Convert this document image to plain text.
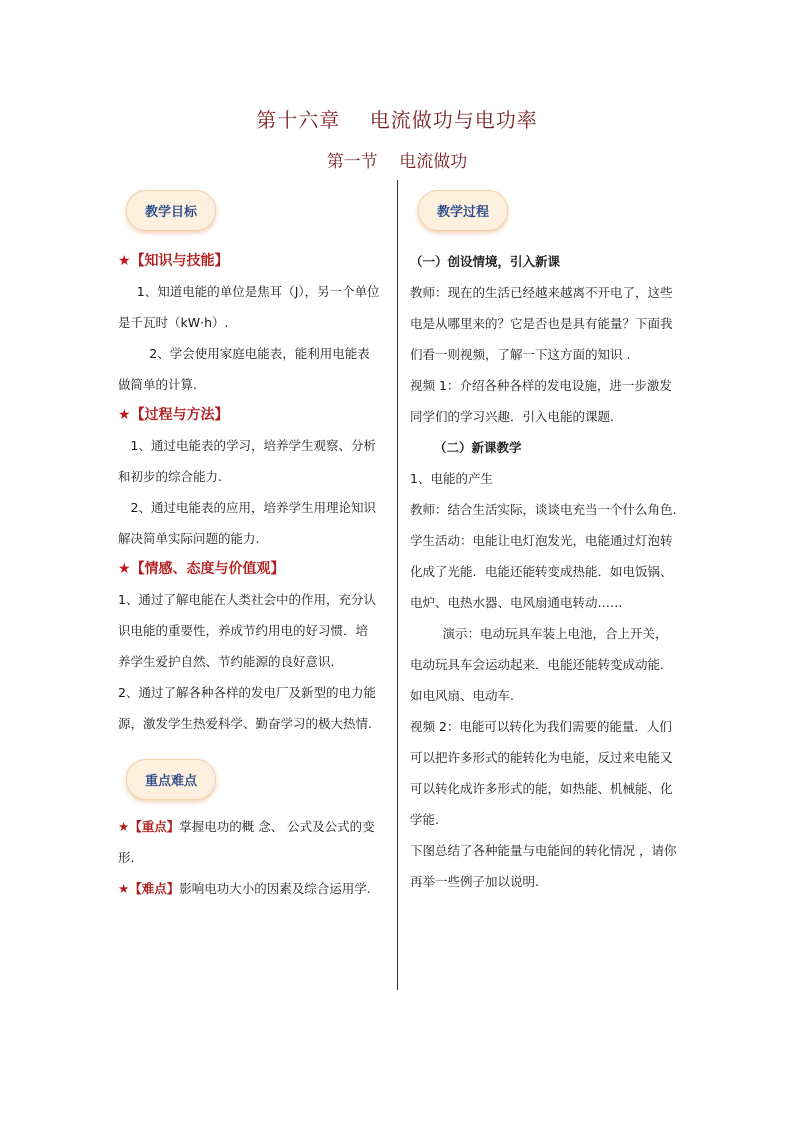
第十六章    电流做功与电功率
第一节    电流做功
教学目标

★【知识与技能】

1、知道电能的单位是焦耳（J），另一个单位是千瓦时（kW·h）.

2、学会使用家庭电能表，能利用电能表做简单的计算.

★【过程与方法】

1、通过电能表的学习，培养学生观察、分析和初步的综合能力.

2、通过电能表的应用，培养学生用理论知识解决简单实际问题的能力.

★【情感、态度与价值观】

1、通过了解电能在人类社会中的作用，充分认识电能的重要性，养成节约用电的好习惯．培养学生爱护自然、节约能源的良好意识.

2、通过了解各种各样的发电厂及新型的电力能源，激发学生热爱科学、勤奋学习的极大热情.

重点难点

★【重点】掌握电功的概 念、 公式及公式的变形.

★【难点】影响电功大小的因素及综合运用学.

教学过程

（一）创设情境，引入新课

教师：现在的生活已经越来越离不开电了，这些电是从哪里来的？它是否也是具有能量？下面我们看一则视频，了解一下这方面的知识 .

视频 1：介绍各种各样的发电设施，进一步激发同学们的学习兴趣．引入电能的课题.

（二）新课教学

1、电能的产生

教师：结合生活实际，谈谈电充当一个什么角色.

学生活动：电能让电灯泡发光，电能通过灯泡转化成了光能．电能还能转变成热能．如电饭锅、电炉、电热水器、电风扇通电转动……

演示：电动玩具车装上电池，合上开关，电动玩具车会运动起来．电能还能转变成动能．如电风扇、电动车.

视频 2：电能可以转化为我们需要的能量．人们可以把许多形式的能转化为电能，反过来电能又可以转化成许多形式的能，如热能、机械能、化学能.

下图总结了各种能量与电能间的转化情况 ，请你再举一些例子加以说明.
